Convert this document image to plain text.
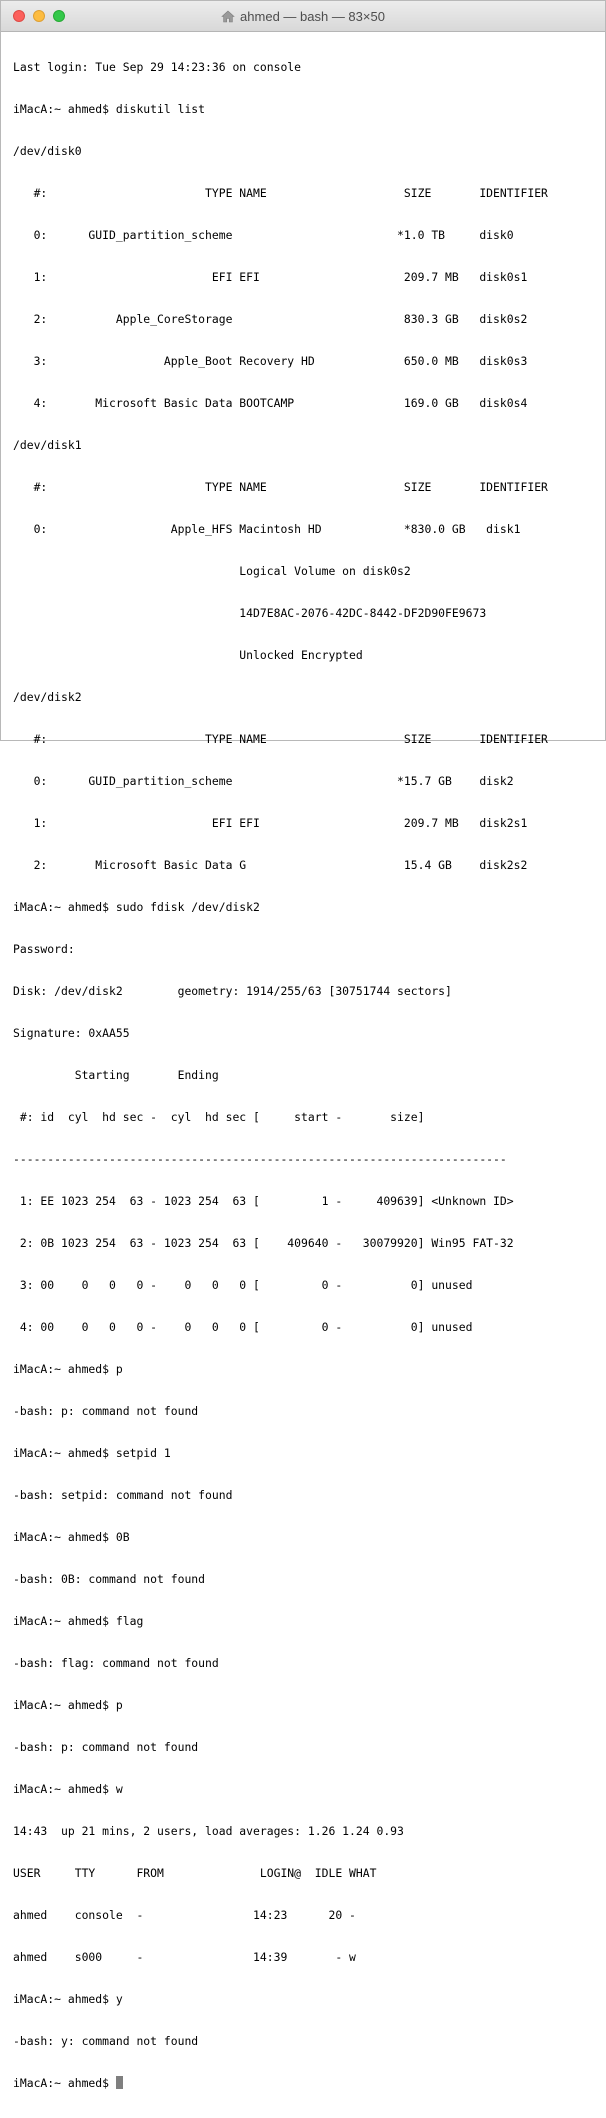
ahmed — bash — 83×50

Last login: Tue Sep 29 14:23:36 on console

iMacA:~ ahmed$ diskutil list

/dev/disk0

#:                       TYPE NAME                    SIZE       IDENTIFIER

0:      GUID_partition_scheme                        *1.0 TB     disk0

1:                        EFI EFI                     209.7 MB   disk0s1

2:          Apple_CoreStorage                         830.3 GB   disk0s2

3:                 Apple_Boot Recovery HD             650.0 MB   disk0s3

4:       Microsoft Basic Data BOOTCAMP                169.0 GB   disk0s4

/dev/disk1

#:                       TYPE NAME                    SIZE       IDENTIFIER

0:                  Apple_HFS Macintosh HD            *830.0 GB   disk1

Logical Volume on disk0s2

14D7E8AC-2076-42DC-8442-DF2D90FE9673

Unlocked Encrypted

/dev/disk2

#:                       TYPE NAME                    SIZE       IDENTIFIER

0:      GUID_partition_scheme                        *15.7 GB    disk2

1:                        EFI EFI                     209.7 MB   disk2s1

2:       Microsoft Basic Data G                       15.4 GB    disk2s2

iMacA:~ ahmed$ sudo fdisk /dev/disk2

Password:

Disk: /dev/disk2        geometry: 1914/255/63 [30751744 sectors]

Signature: 0xAA55

Starting       Ending

#: id  cyl  hd sec -  cyl  hd sec [     start -       size]

------------------------------------------------------------------------

1: EE 1023 254  63 - 1023 254  63 [         1 -     409639] <Unknown ID>

2: 0B 1023 254  63 - 1023 254  63 [    409640 -   30079920] Win95 FAT-32

3: 00    0   0   0 -    0   0   0 [         0 -          0] unused

4: 00    0   0   0 -    0   0   0 [         0 -          0] unused

iMacA:~ ahmed$ p

-bash: p: command not found

iMacA:~ ahmed$ setpid 1

-bash: setpid: command not found

iMacA:~ ahmed$ 0B

-bash: 0B: command not found

iMacA:~ ahmed$ flag

-bash: flag: command not found

iMacA:~ ahmed$ p

-bash: p: command not found

iMacA:~ ahmed$ w

14:43  up 21 mins, 2 users, load averages: 1.26 1.24 0.93

USER     TTY      FROM              LOGIN@  IDLE WHAT

ahmed    console  -                14:23      20 -

ahmed    s000     -                14:39       - w

iMacA:~ ahmed$ y

-bash: y: command not found

iMacA:~ ahmed$
